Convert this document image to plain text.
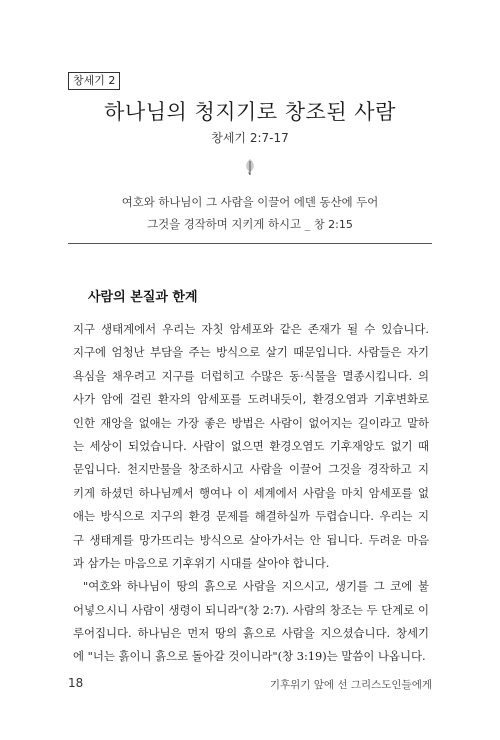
창세기 2
하나님의 청지기로 창조된 사람
창세기 2:7-17
여호와 하나님이 그 사람을 이끌어 에덴 동산에 두어
그것을 경작하며 지키게 하시고 _ 창 2:15
사람의 본질과 한계
지구 생태계에서 우리는 자칫 암세포와 같은 존재가 될 수 있습니다.
지구에 엄청난 부담을 주는 방식으로 살기 때문입니다. 사람들은 자기
욕심을 채우려고 지구를 더럽히고 수많은 동·식물을 멸종시킵니다. 의
사가 암에 걸린 환자의 암세포를 도려내듯이, 환경오염과 기후변화로
인한 재앙을 없애는 가장 좋은 방법은 사람이 없어지는 길이라고 말하
는 세상이 되었습니다. 사람이 없으면 환경오염도 기후재앙도 없기 때
문입니다. 천지만물을 창조하시고 사람을 이끌어 그것을 경작하고 지
키게 하셨던 하나님께서 행여나 이 세계에서 사람을 마치 암세포를 없
애는 방식으로 지구의 환경 문제를 해결하실까 두렵습니다. 우리는 지
구 생태계를 망가뜨리는 방식으로 살아가서는 안 됩니다. 두려운 마음
과 삼가는 마음으로 기후위기 시대를 살아야 합니다.
"여호와 하나님이 땅의 흙으로 사람을 지으시고, 생기를 그 코에 불
어넣으시니 사람이 생령이 되니라"(창 2:7). 사람의 창조는 두 단계로 이
루어집니다. 하나님은 먼저 땅의 흙으로 사람을 지으셨습니다. 창세기
에 "너는 흙이니 흙으로 돌아갈 것이니라"(창 3:19)는 말씀이 나옵니다.
18	기후위기 앞에 선 그리스도인들에게
